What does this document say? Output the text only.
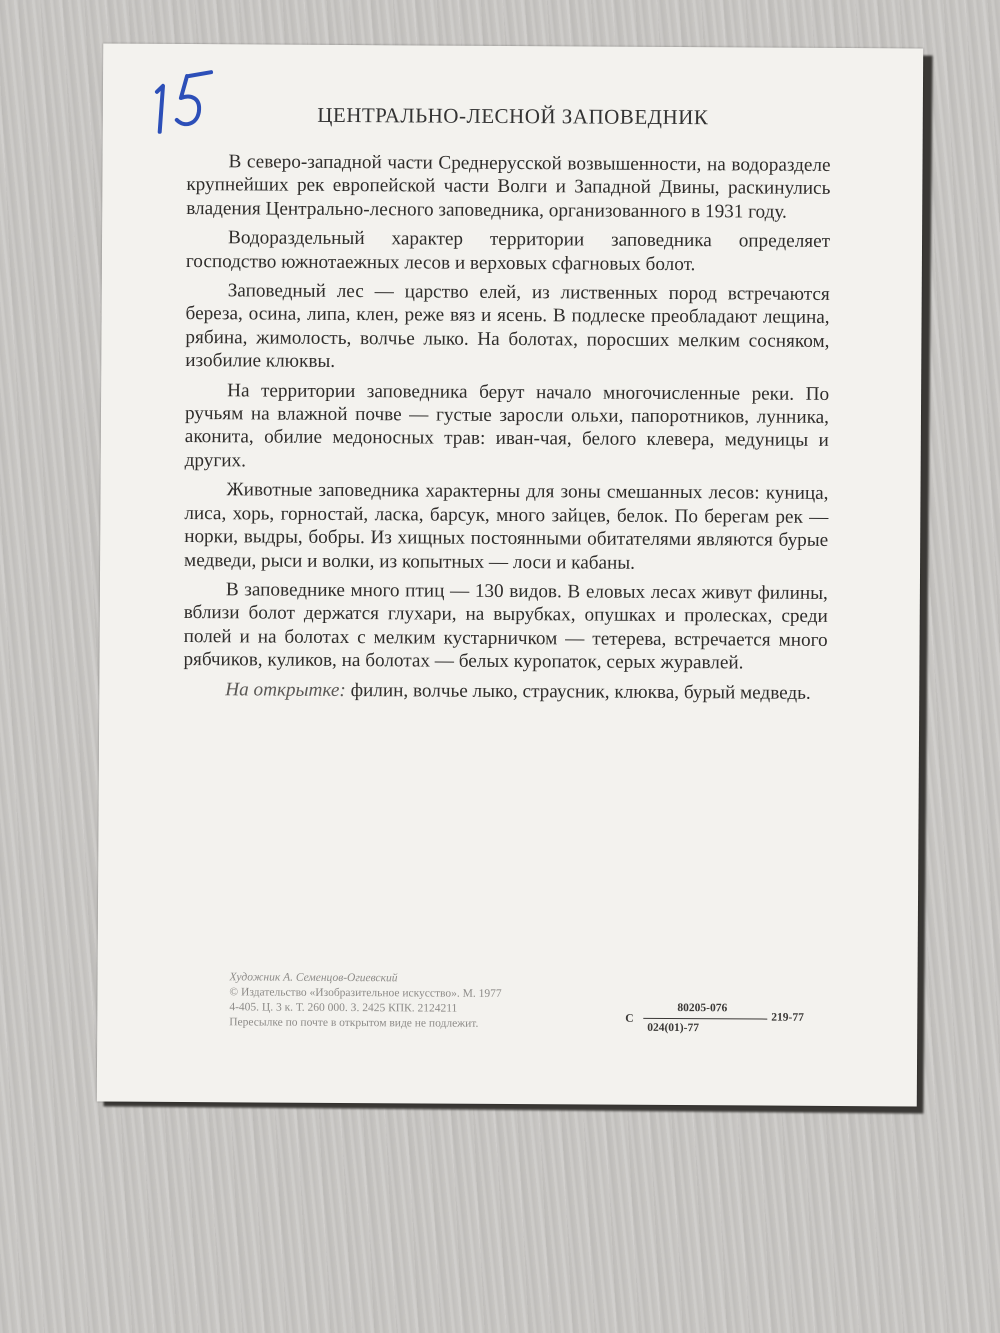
ЦЕНТРАЛЬНО-ЛЕСНОЙ ЗАПОВЕДНИК

В северо-западной части Среднерусской возвышенности, на водоразделе крупнейших рек европейской части Волги и Западной Двины, раскинулись владения Центрально-лесного заповедника, организованного в 1931 году.

Водораздельный характер территории заповедника определяет господство южнотаежных лесов и верховых сфагновых болот.

Заповедный лес — царство елей, из лиственных пород встречаются береза, осина, липа, клен, реже вяз и ясень. В подлеске преобладают лещина, рябина, жимолость, волчье лыко. На болотах, поросших мелким сосняком, изобилие клюквы.

На территории заповедника берут начало многочисленные реки. По ручьям на влажной почве — густые заросли ольхи, папоротников, лунника, аконита, обилие медоносных трав: иван-чая, белого клевера, медуницы и других.

Животные заповедника характерны для зоны смешанных лесов: куница, лиса, хорь, горностай, ласка, барсук, много зайцев, белок. По берегам рек — норки, выдры, бобры. Из хищных постоянными обитателями являются бурые медведи, рыси и волки, из копытных — лоси и кабаны.

В заповеднике много птиц — 130 видов. В еловых лесах живут филины, вблизи болот держатся глухари, на вырубках, опушках и пролесках, среди полей и на болотах с мелким кустарничком — тетерева, встречается много рябчиков, куликов, на болотах — белых куропаток, серых журавлей.

На открытке: филин, волчье лыко, страусник, клюква, бурый медведь.

Художник А. Семенцов-Огиевский
© Издательство «Изобразительное искусство». М. 1977
4-405. Ц. 3 к. Т. 260 000. З. 2425 КПК. 2124211
Пересылке по почте в открытом виде не подлежит.	С
80205-076
024(01)-77
219-77
